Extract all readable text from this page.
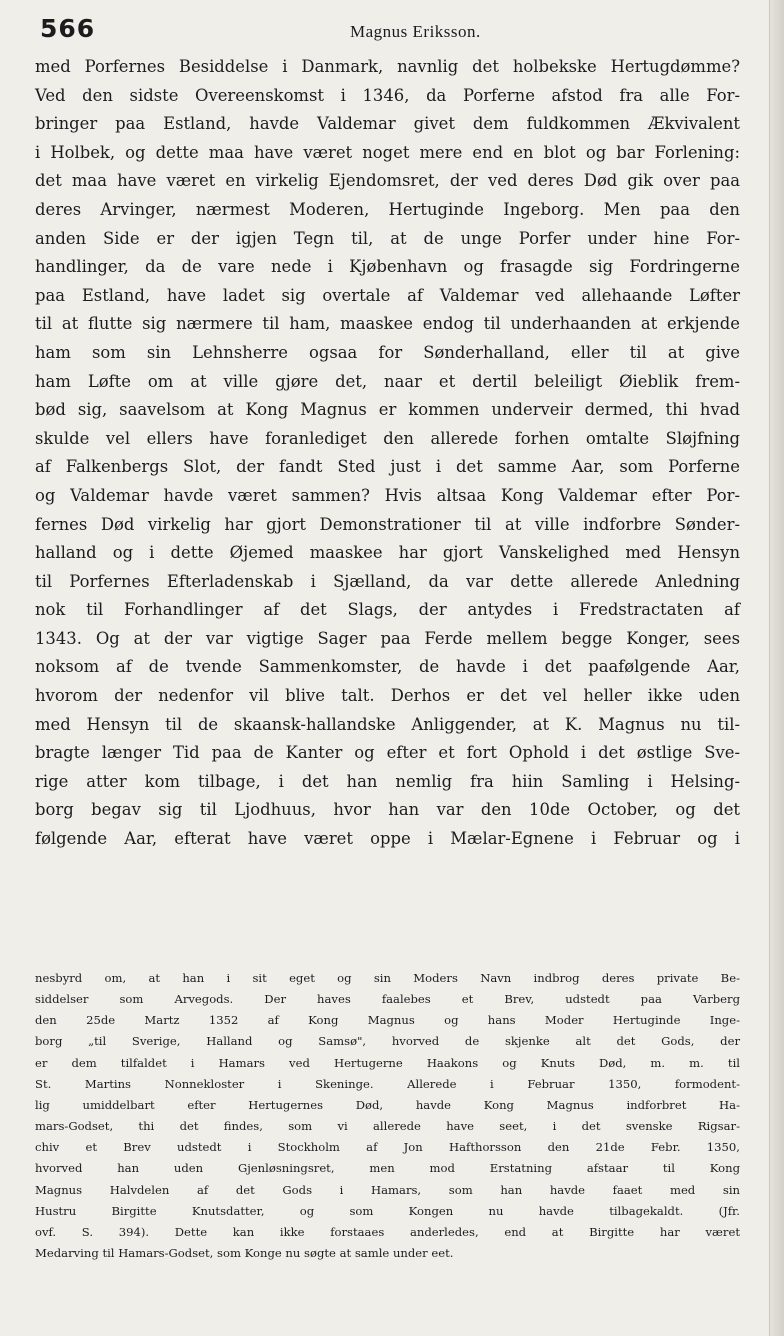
566	Magnus Eriksson.
med Porfernes Besiddelse i Danmark, navnlig det holbekske Hertugdømme?
Ved den sidste Overeenskomst i 1346, da Porferne afstod fra alle For-
bringer paa Estland, havde Valdemar givet dem fuldkommen Ækvivalent
i Holbek, og dette maa have været noget mere end en blot og bar Forlening:
det maa have været en virkelig Ejendomsret, der ved deres Død gik over paa
deres Arvinger, nærmest Moderen, Hertuginde Ingeborg. Men paa den
anden Side er der igjen Tegn til, at de unge Porfer under hine For-
handlinger, da de vare nede i Kjøbenhavn og frasagde sig Fordringerne
paa Estland, have ladet sig overtale af Valdemar ved allehaande Løfter
til at flutte sig nærmere til ham, maaskee endog til underhaanden at erkjende
ham som sin Lehnsherre ogsaa for Sønderhalland, eller til at give
ham Løfte om at ville gjøre det, naar et dertil beleiligt Øieblik frem-
bød sig, saavelsom at Kong Magnus er kommen underveir dermed, thi hvad
skulde vel ellers have foranlediget den allerede forhen omtalte Sløjfning
af Falkenbergs Slot, der fandt Sted just i det samme Aar, som Porferne
og Valdemar havde været sammen? Hvis altsaa Kong Valdemar efter Por-
fernes Død virkelig har gjort Demonstrationer til at ville indforbre Sønder-
halland og i dette Øjemed maaskee har gjort Vanskelighed med Hensyn
til Porfernes Efterladenskab i Sjælland, da var dette allerede Anledning
nok til Forhandlinger af det Slags, der antydes i Fredstractaten af
1343. Og at der var vigtige Sager paa Ferde mellem begge Konger, sees
noksom af de tvende Sammenkomster, de havde i det paafølgende Aar,
hvorom der nedenfor vil blive talt. Derhos er det vel heller ikke uden
med Hensyn til de skaansk-hallandske Anliggender, at K. Magnus nu til-
bragte længer Tid paa de Kanter og efter et fort Ophold i det østlige Sve-
rige atter kom tilbage, i det han nemlig fra hiin Samling i Helsing-
borg begav sig til Ljodhuus, hvor han var den 10de October, og det
følgende Aar, efterat have været oppe i Mælar-Egnene i Februar og i
nesbyrd om, at han i sit eget og sin Moders Navn indbrog deres private Be-
siddelser som Arvegods. Der haves faalebes et Brev, udstedt paa Varberg
den 25de Martz 1352 af Kong Magnus og hans Moder Hertuginde Inge-
borg „til Sverige, Halland og Samsø", hvorved de skjenke alt det Gods, der
er dem tilfaldet i Hamars ved Hertugerne Haakons og Knuts Død, m. m. til
St. Martins Nonnekloster i Skeninge. Allerede i Februar 1350, formodent-
lig umiddelbart efter Hertugernes Død, havde Kong Magnus indforbret Ha-
mars-Godset, thi det findes, som vi allerede have seet, i det svenske Rigsar-
chiv et Brev udstedt i Stockholm af Jon Hafthorsson den 21de Febr. 1350,
hvorved han uden Gjenløsningsret, men mod Erstatning afstaar til Kong
Magnus Halvdelen af det Gods i Hamars, som han havde faaet med sin
Hustru Birgitte Knutsdatter, og som Kongen nu havde tilbagekaldt. (Jfr.
ovf. S. 394). Dette kan ikke forstaaes anderledes, end at Birgitte har været
Medarving til Hamars-Godset, som Konge nu søgte at samle under eet.
